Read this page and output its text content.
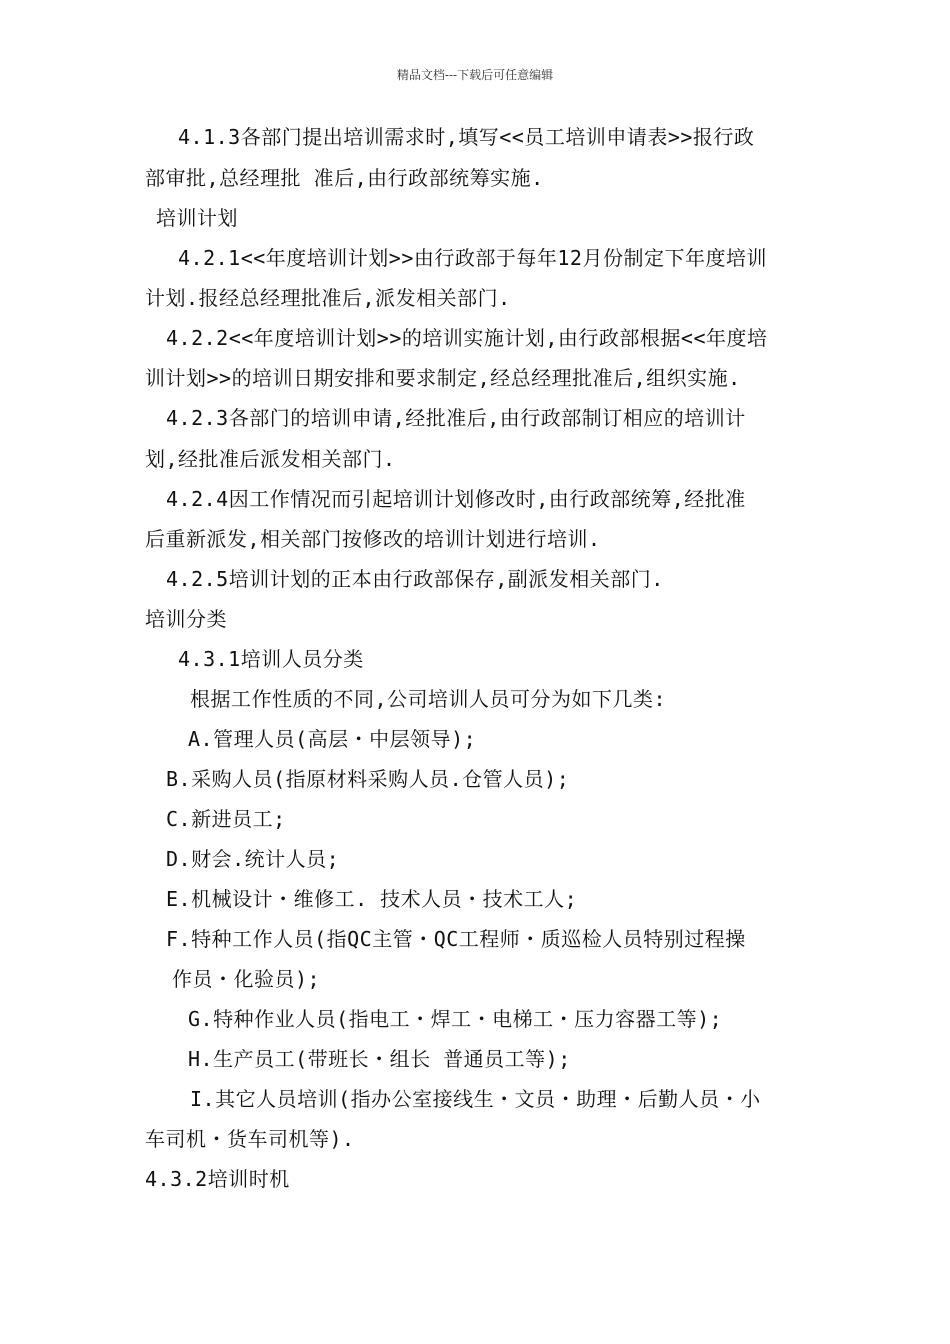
精品文档---下载后可任意编辑
4.1.3各部门提出培训需求时,填写<<员工培训申请表>>报行政
部审批,总经理批 准后,由行政部统筹实施.
培训计划
4.2.1<<年度培训计划>>由行政部于每年12月份制定下年度培训
计划.报经总经理批准后,派发相关部门.
4.2.2<<年度培训计划>>的培训实施计划,由行政部根据<<年度培
训计划>>的培训日期安排和要求制定,经总经理批准后,组织实施.
4.2.3各部门的培训申请,经批准后,由行政部制订相应的培训计
划,经批准后派发相关部门.
4.2.4因工作情况而引起培训计划修改时,由行政部统筹,经批准
后重新派发,相关部门按修改的培训计划进行培训.
4.2.5培训计划的正本由行政部保存,副派发相关部门.
培训分类
4.3.1培训人员分类
根据工作性质的不同,公司培训人员可分为如下几类:
A.管理人员(高层・中层领导);
B.采购人员(指原材料采购人员.仓管人员);
C.新进员工;
D.财会.统计人员;
E.机械设计・维修工. 技术人员・技术工人;
F.特种工作人员(指QC主管・QC工程师・质巡检人员特别过程操
作员・化验员);
G.特种作业人员(指电工・焊工・电梯工・压力容器工等);
H.生产员工(带班长・组长 普通员工等);
I.其它人员培训(指办公室接线生・文员・助理・后勤人员・小
车司机・货车司机等).
4.3.2培训时机
